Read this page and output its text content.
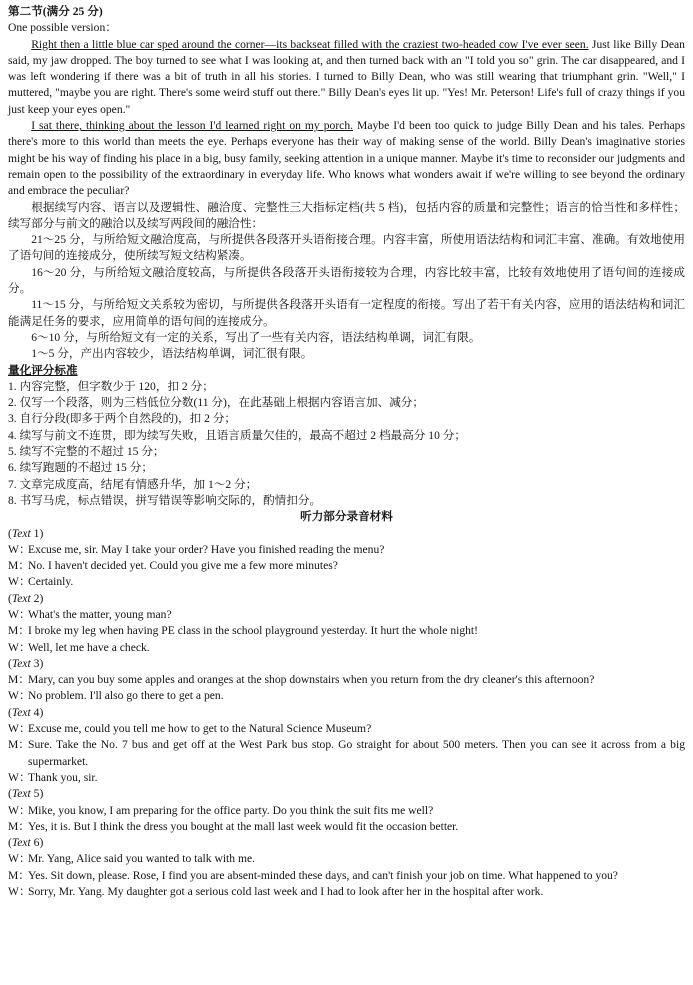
第二节(满分 25 分)

One possible version：

Right then a little blue car sped around the corner—its backseat filled with the craziest two-headed cow I've ever seen. Just like Billy Dean said, my jaw dropped. The boy turned to see what I was looking at, and then turned back with an "I told you so" grin. The car disappeared, and I was left wondering if there was a bit of truth in all his stories. I turned to Billy Dean, who was still wearing that triumphant grin. "Well," I muttered, "maybe you are right. There's some weird stuff out there." Billy Dean's eyes lit up. "Yes! Mr. Peterson! Life's full of crazy things if you just keep your eyes open."

I sat there, thinking about the lesson I'd learned right on my porch. Maybe I'd been too quick to judge Billy Dean and his tales. Perhaps there's more to this world than meets the eye. Perhaps everyone has their way of making sense of the world. Billy Dean's imaginative stories might be his way of finding his place in a big, busy family, seeking attention in a unique manner. Maybe it's time to reconsider our judgments and remain open to the possibility of the extraordinary in everyday life. Who knows what wonders await if we're willing to see beyond the ordinary and embrace the peculiar?

根据续写内容、语言以及逻辑性、融洽度、完整性三大指标定档(共 5 档)，包括内容的质量和完整性；语言的恰当性和多样性；续写部分与前文的融洽以及续写两段间的融洽性：

21～25 分，与所给短文融洽度高，与所提供各段落开头语衔接合理。内容丰富，所使用语法结构和词汇丰富、准确。有效地使用了语句间的连接成分，使所续写短文结构紧凑。

16～20 分，与所给短文融洽度较高，与所提供各段落开头语衔接较为合理，内容比较丰富，比较有效地使用了语句间的连接成分。

11～15 分，与所给短文关系较为密切，与所提供各段落开头语有一定程度的衔接。写出了若干有关内容，应用的语法结构和词汇能满足任务的要求，应用简单的语句间的连接成分。

6～10 分，与所给短文有一定的关系，写出了一些有关内容，语法结构单调，词汇有限。

1～5 分，产出内容较少，语法结构单调，词汇很有限。

量化评分标准

1. 内容完整，但字数少于 120，扣 2 分；

2. 仅写一个段落，则为三档低位分数(11 分)，在此基础上根据内容语言加、减分；

3. 自行分段(即多于两个自然段的)，扣 2 分；

4. 续写与前文不连贯，即为续写失败，且语言质量欠佳的，最高不超过 2 档最高分 10 分；

5. 续写不完整的不超过 15 分；

6. 续写跑题的不超过 15 分；

7. 文章完成度高，结尾有情感升华，加 1～2 分；

8. 书写马虎，标点错误，拼写错误等影响交际的，酌情扣分。

听力部分录音材料

(Text 1)

W：Excuse me, sir. May I take your order? Have you finished reading the menu?

M：No. I haven't decided yet. Could you give me a few more minutes?

W：Certainly.

(Text 2)

W：What's the matter, young man?

M：I broke my leg when having PE class in the school playground yesterday. It hurt the whole night!

W：Well, let me have a check.

(Text 3)

M：Mary, can you buy some apples and oranges at the shop downstairs when you return from the dry cleaner's this afternoon?

W：No problem. I'll also go there to get a pen.

(Text 4)

W：Excuse me, could you tell me how to get to the Natural Science Museum?

M：Sure. Take the No. 7 bus and get off at the West Park bus stop. Go straight for about 500 meters. Then you can see it across from a big supermarket.

W：Thank you, sir.

(Text 5)

W：Mike, you know, I am preparing for the office party. Do you think the suit fits me well?

M：Yes, it is. But I think the dress you bought at the mall last week would fit the occasion better.

(Text 6)

W：Mr. Yang, Alice said you wanted to talk with me.

M：Yes. Sit down, please. Rose, I find you are absent-minded these days, and can't finish your job on time. What happened to you?

W：Sorry, Mr. Yang. My daughter got a serious cold last week and I had to look after her in the hospital after work.
